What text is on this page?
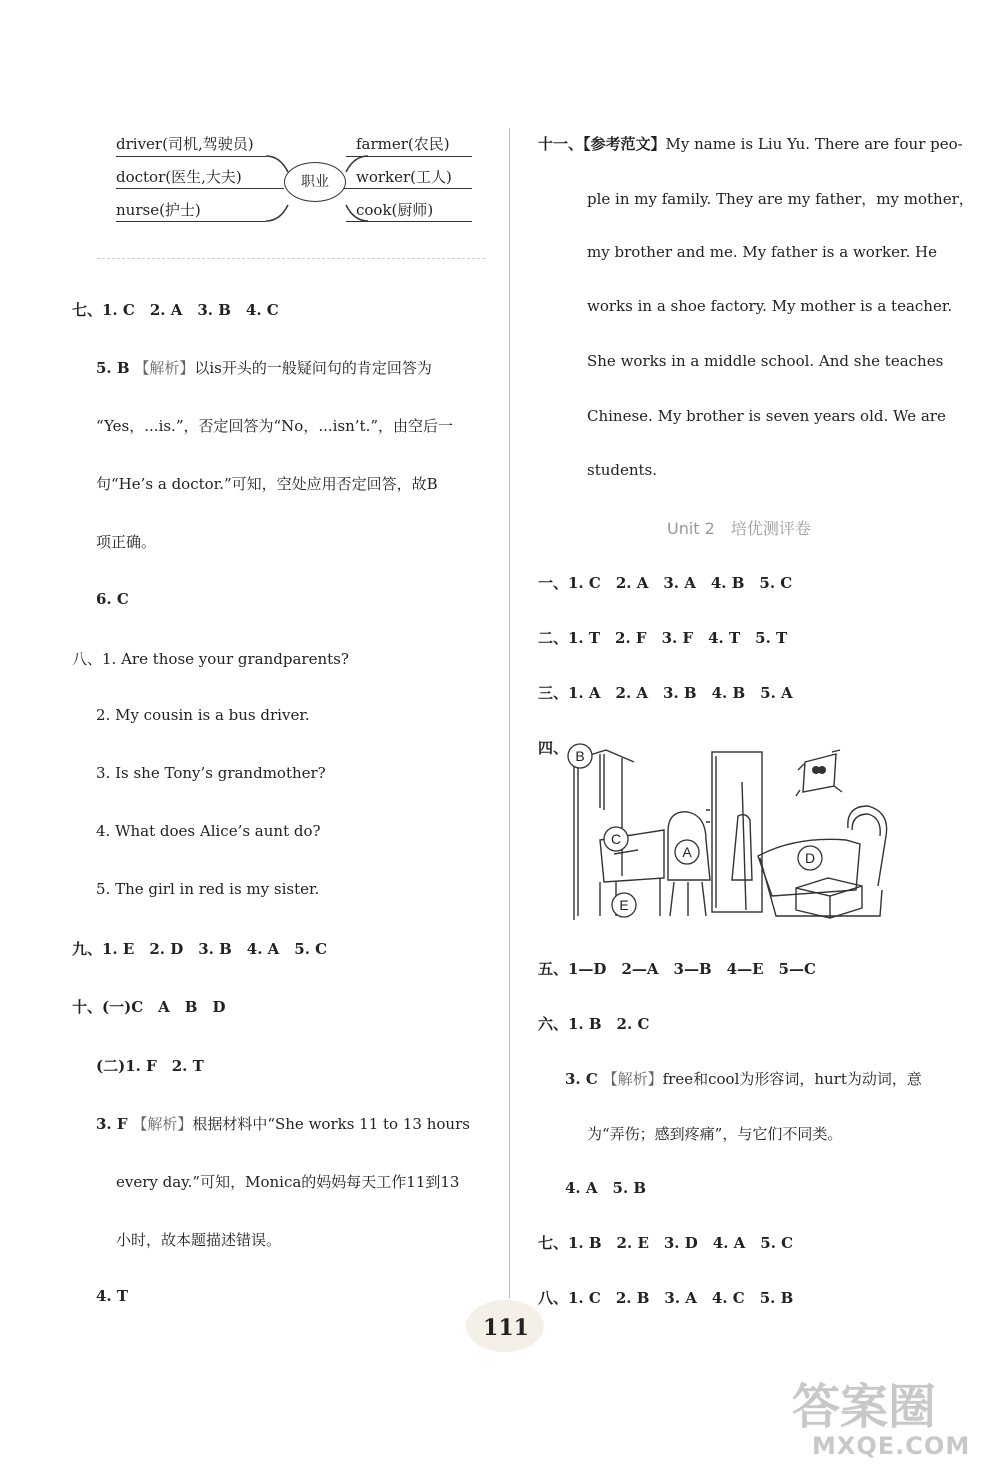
driver(司机,驾驶员)
doctor(医生,大夫)
nurse(护士)
职业
farmer(农民)
worker(工人)
cook(厨师)
七、1. C　2. A　3. B　4. C
5. B 【解析】以is开头的一般疑问句的肯定回答为
“Yes，...is.”，否定回答为“No，...isn’t.”，由空后一
句“He’s a doctor.”可知，空处应用否定回答，故B
项正确。
6. C
八、1. Are those your grandparents?
2. My cousin is a bus driver.
3. Is she Tony’s grandmother?
4. What does Alice’s aunt do?
5. The girl in red is my sister.
九、1. E　2. D　3. B　4. A　5. C
十、(一)C　A　B　D
(二)1. F　2. T
3. F 【解析】根据材料中“She works 11 to 13 hours
every day.”可知，Monica的妈妈每天工作11到13
小时，故本题描述错误。
4. T
十一、【参考范文】My name is Liu Yu. There are four peo-
ple in my family. They are my father，my mother，
my brother and me. My father is a worker. He
works in a shoe factory. My mother is a teacher.
She works in a middle school. And she teaches
Chinese. My brother is seven years old. We are
students.
Unit 2　培优测评卷
一、1. C　2. A　3. A　4. B　5. C
二、1. T　2. F　3. F　4. T　5. T
三、1. A　2. A　3. B　4. B　5. A
四、 B
C
A	D
E
五、1—D　2—A　3—B　4—E　5—C
六、1. B　2. C
3. C 【解析】free和cool为形容词，hurt为动词，意
为“弄伤；感到疼痛”，与它们不同类。
4. A　5. B
七、1. B　2. E　3. D　4. A　5. C
八、1. C　2. B　3. A　4. C　5. B
111
答案圈
MXQE.COM
